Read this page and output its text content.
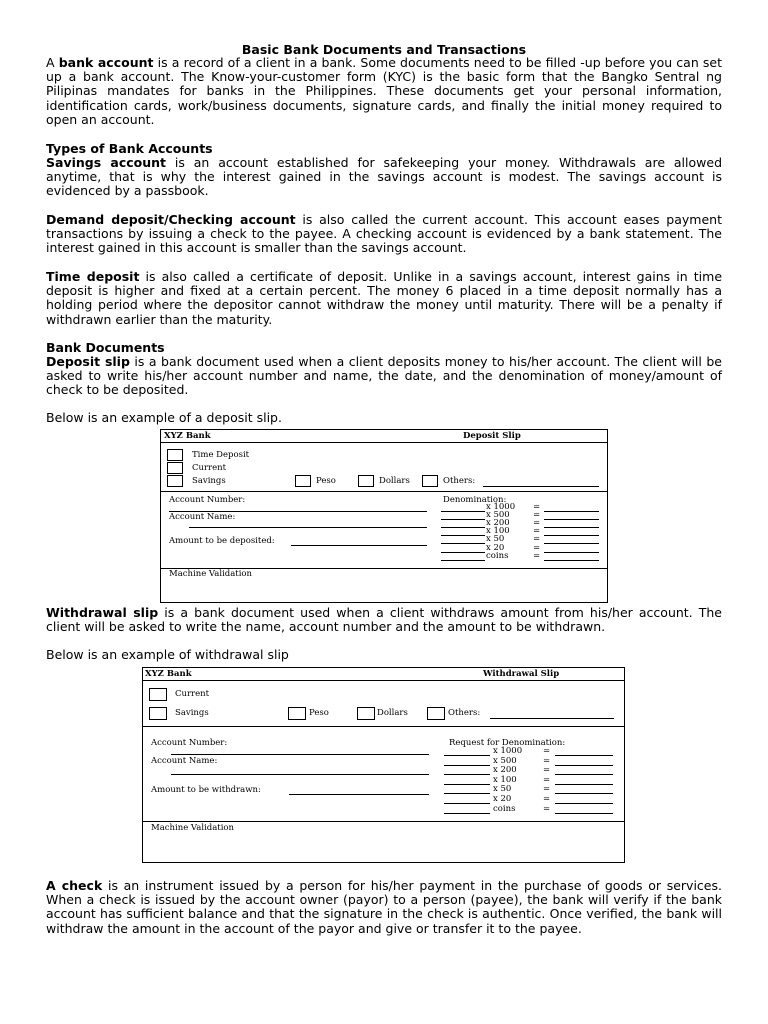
Basic Bank Documents and Transactions
A bank account is a record of a client in a bank. Some documents need to be filled -up before you can set up a bank account. The Know-your-customer form (KYC) is the basic form that the Bangko Sentral ng Pilipinas mandates for banks in the Philippines. These documents get your personal information, identification cards, work/business documents, signature cards, and finally the initial money required to open an account.
Types of Bank Accounts
Savings account is an account established for safekeeping your money. Withdrawals are allowed anytime, that is why the interest gained in the savings account is modest. The savings account is evidenced by a passbook.
Demand deposit/Checking account is also called the current account. This account eases payment transactions by issuing a check to the payee. A checking account is evidenced by a bank statement. The interest gained in this account is smaller than the savings account.
Time deposit is also called a certificate of deposit. Unlike in a savings account, interest gains in time deposit is higher and fixed at a certain percent. The money 6 placed in a time deposit normally has a holding period where the depositor cannot withdraw the money until maturity. There will be a penalty if withdrawn earlier than the maturity.
Bank Documents
Deposit slip is a bank document used when a client deposits money to his/her account. The client will be asked to write his/her account number and name, the date, and the denomination of money/amount of check to be deposited.
Below is an example of a deposit slip.
XYZ Bank	Deposit Slip
Time Deposit
Current
Savings	Peso	Dollars	Others:
Account Number:
Account Name:
Amount to be deposited:
Denomination:
x 1000 =
x 500	=
x 200	=
x 100	=
x 50	=
x 20	=
coins	=
Machine Validation
Withdrawal slip is a bank document used when a client withdraws amount from his/her account. The client will be asked to write the name, account number and the amount to be withdrawn.
Below is an example of withdrawal slip
XYZ Bank	Withdrawal Slip
Current
Savings	Peso	Dollars	Others:
Account Number:
Account Name:
Amount to be withdrawn:
Request for Denomination:
x 1000 =
x 500	=
x 200	=
x 100	=
x 50	=
x 20	=
coins	=
Machine Validation
A check is an instrument issued by a person for his/her payment in the purchase of goods or services. When a check is issued by the account owner (payor) to a person (payee), the bank will verify if the bank account has sufficient balance and that the signature in the check is authentic. Once verified, the bank will withdraw the amount in the account of the payor and give or transfer it to the payee.
